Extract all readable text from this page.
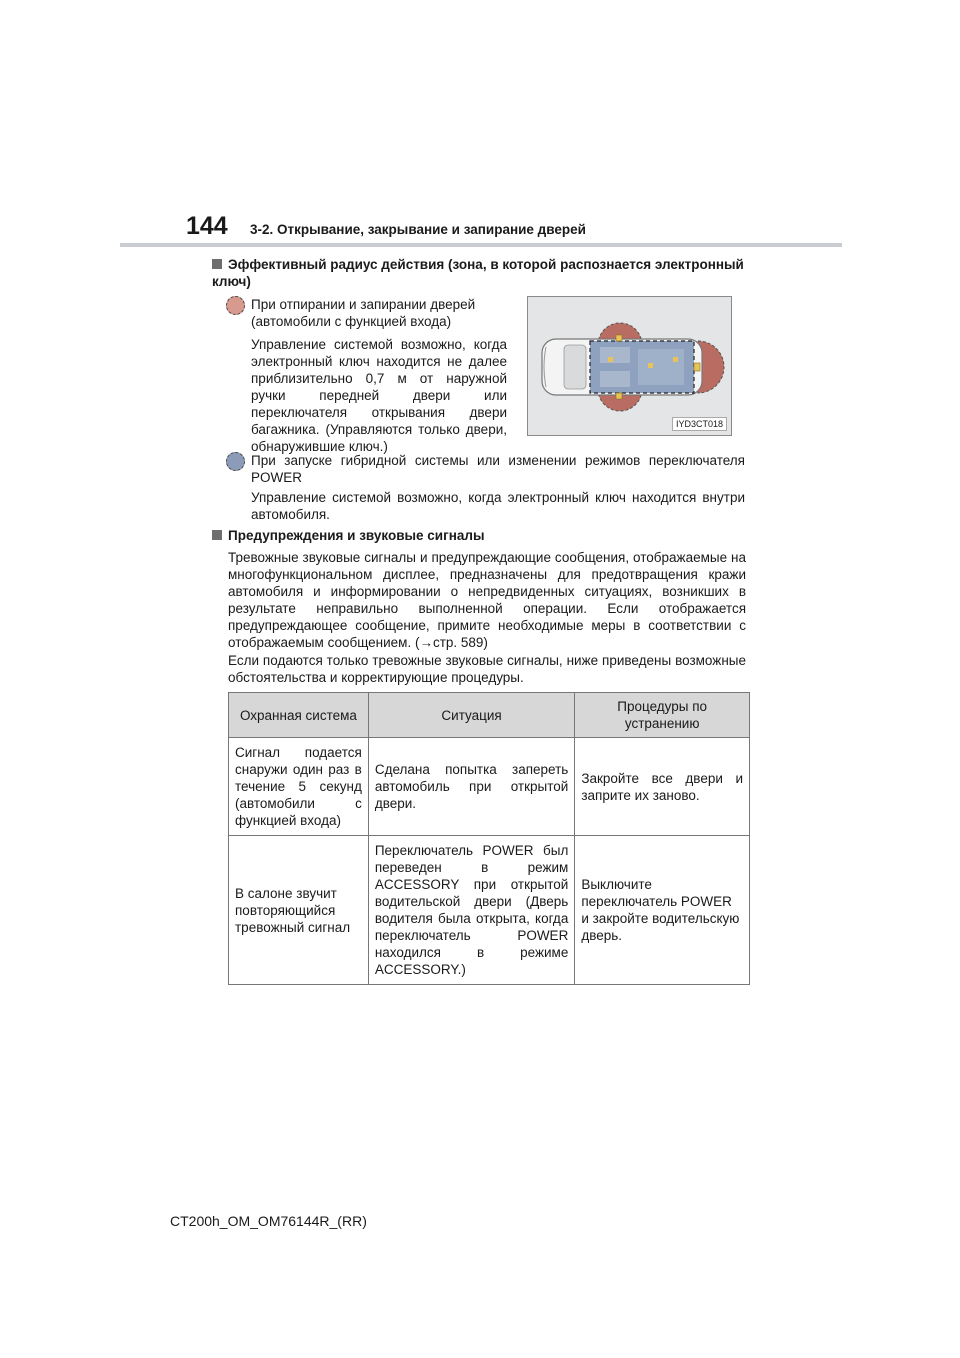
144 3-2. Открывание, закрывание и запирание дверей
Эффективный радиус действия (зона, в которой распознается электронный ключ)
При отпирании и запирании дверей (автомобили с функцией входа)
Управление системой возможно, когда электронный ключ находится не далее приблизительно 0,7 м от наружной ручки передней двери или переключателя открывания двери багажника. (Управляются только двери, обнаружившие ключ.)
IYD3CT018
При запуске гибридной системы или изменении режимов переключателя POWER
Управление системой возможно, когда электронный ключ находится внутри автомобиля.
Предупреждения и звуковые сигналы
Тревожные звуковые сигналы и предупреждающие сообщения, отображаемые на многофункциональном дисплее, предназначены для предотвращения кражи автомобиля и информировании о непредвиденных ситуациях, возникших в результате неправильно выполненной операции. Если отображается предупреждающее сообщение, примите необходимые меры в соответствии с отображаемым сообщением. (→стр. 589)
Если подаются только тревожные звуковые сигналы, ниже приведены возможные обстоятельства и корректирующие процедуры.
Охранная система	Ситуация	Процедуры по устранению
Сигнал подается снаружи один раз в течение 5 секунд (автомобили с функцией входа)	Сделана попытка запереть автомобиль при открытой двери.	Закройте все двери и заприте их заново.
В салоне звучит повторяющийся тревожный сигнал	Переключатель POWER был переведен в режим ACCESSORY при открытой водительской двери (Дверь водителя была открыта, когда переключатель POWER находился в режиме ACCESSORY.)	Выключите переключатель POWER и закройте водительскую дверь.
CT200h_OM_OM76144R_(RR)
